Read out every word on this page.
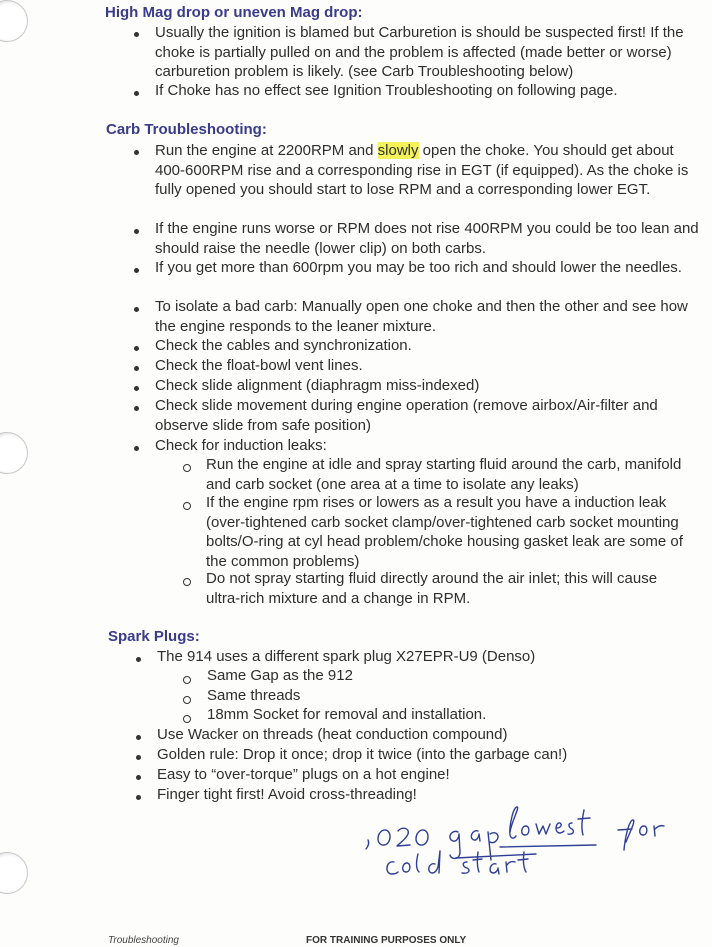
High Mag drop or uneven Mag drop:
Usually the ignition is blamed but Carburetion is should be suspected first! If the choke is partially pulled on and the problem is affected (made better or worse) carburetion problem is likely. (see Carb Troubleshooting below)
If Choke has no effect see Ignition Troubleshooting on following page.
Carb Troubleshooting:
Run the engine at 2200RPM and slowly open the choke. You should get about 400-600RPM rise and a corresponding rise in EGT (if equipped). As the choke is fully opened you should start to lose RPM and a corresponding lower EGT.
If the engine runs worse or RPM does not rise 400RPM you could be too lean and should raise the needle (lower clip) on both carbs.
If you get more than 600rpm you may be too rich and should lower the needles.
To isolate a bad carb: Manually open one choke and then the other and see how the engine responds to the leaner mixture.
Check the cables and synchronization.
Check the float-bowl vent lines.
Check slide alignment (diaphragm miss-indexed)
Check slide movement during engine operation (remove airbox/Air-filter and observe slide from safe position)
Check for induction leaks:
Run the engine at idle and spray starting fluid around the carb, manifold and carb socket (one area at a time to isolate any leaks)
If the engine rpm rises or lowers as a result you have a induction leak (over-tightened carb socket clamp/over-tightened carb socket mounting bolts/O-ring at cyl head problem/choke housing gasket leak are some of the common problems)
Do not spray starting fluid directly around the air inlet; this will cause ultra-rich mixture and a change in RPM.
Spark Plugs:
The 914 uses a different spark plug X27EPR-U9 (Denso)
Same Gap as the 912
Same threads
18mm Socket for removal and installation.
Use Wacker on threads (heat conduction compound)
Golden rule: Drop it once; drop it twice (into the garbage can!)
Easy to “over-torque” plugs on a hot engine!
Finger tight first! Avoid cross-threading!
Troubleshooting	FOR TRAINING PURPOSES ONLY
